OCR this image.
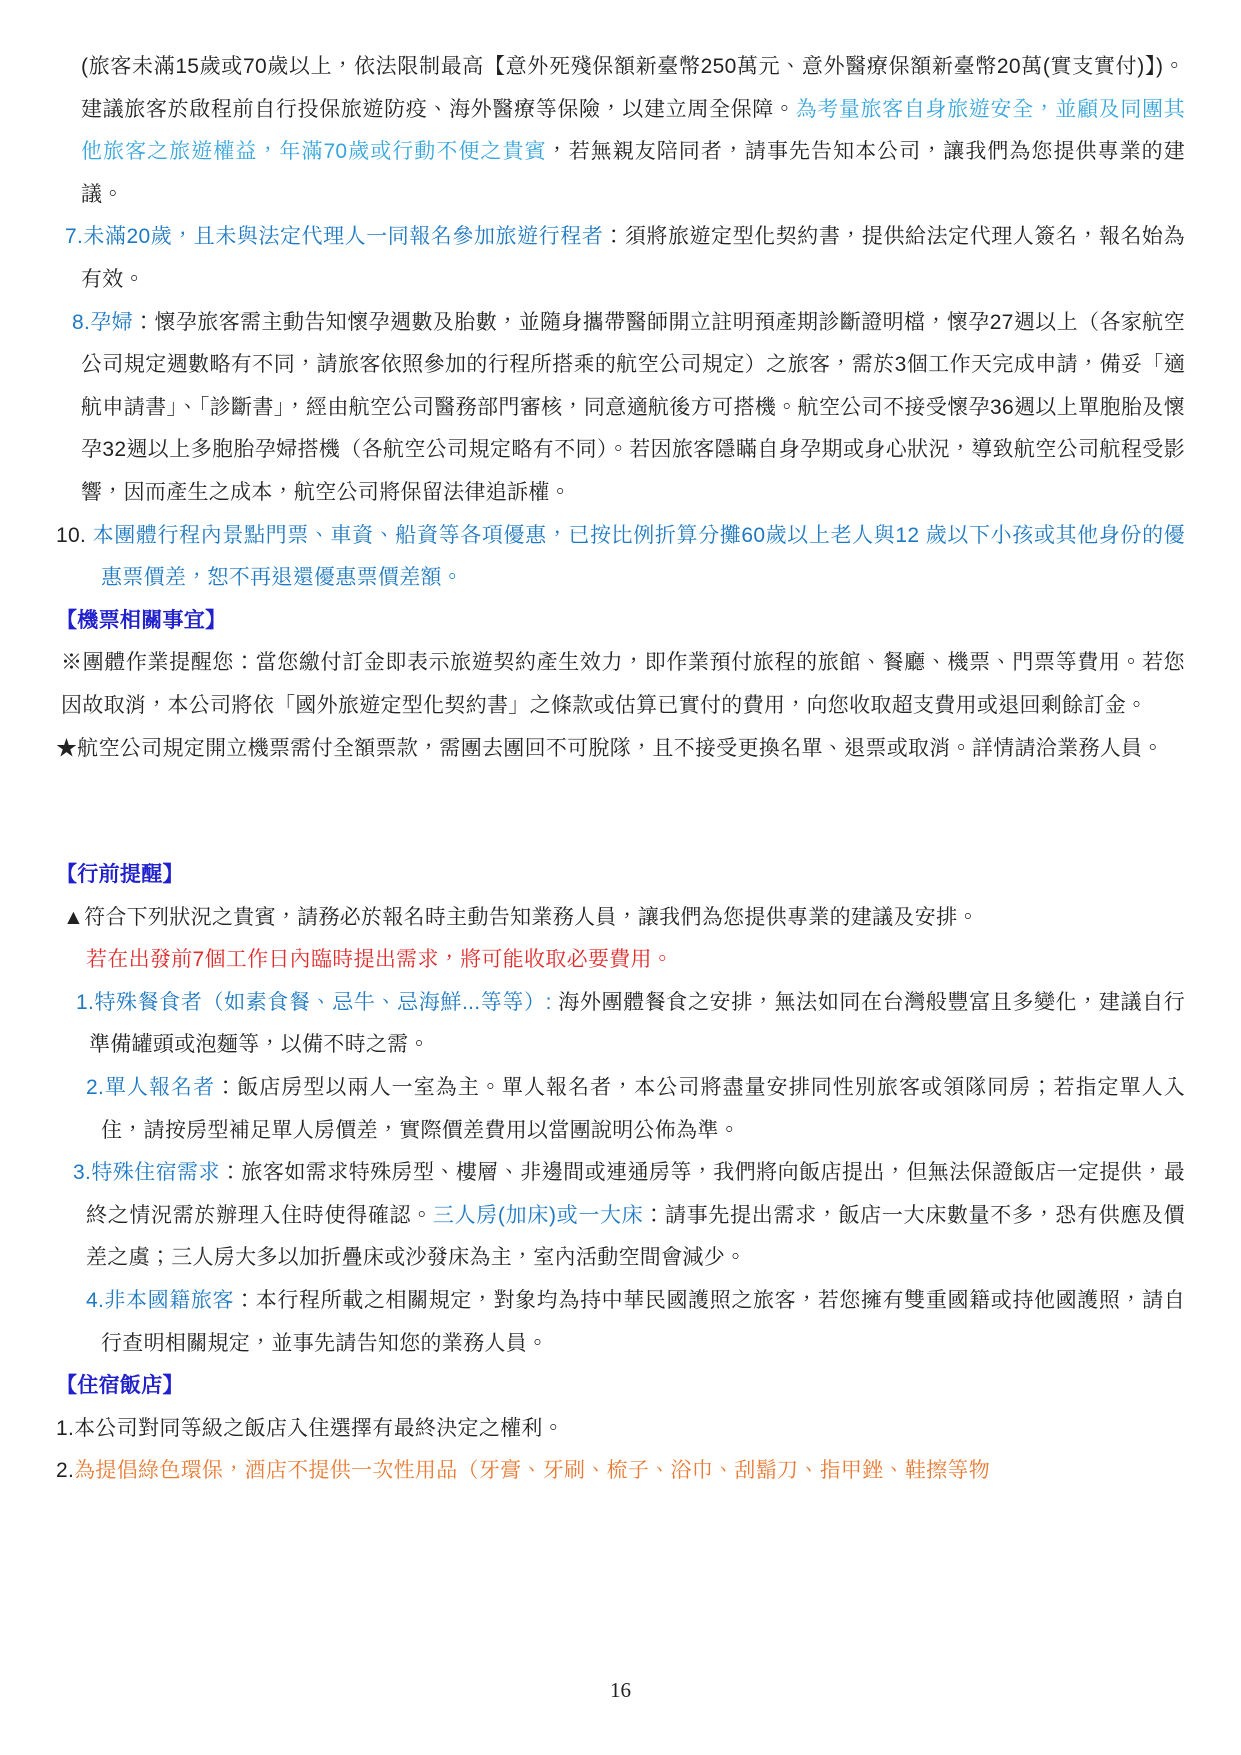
(旅客未滿15歲或70歲以上，依法限制最高【意外死殘保額新臺幣250萬元、意外醫療保額新臺幣20萬(實支實付)】)。建議旅客於啟程前自行投保旅遊防疫、海外醫療等保險，以建立周全保障。為考量旅客自身旅遊安全，並顧及同團其他旅客之旅遊權益，年滿70歲或行動不便之貴賓，若無親友陪同者，請事先告知本公司，讓我們為您提供專業的建議。

7.未滿20歲，且未與法定代理人一同報名參加旅遊行程者：須將旅遊定型化契約書，提供給法定代理人簽名，報名始為有效。

8.孕婦：懷孕旅客需主動告知懷孕週數及胎數，並隨身攜帶醫師開立註明預產期診斷證明檔，懷孕27週以上（各家航空公司規定週數略有不同，請旅客依照參加的行程所搭乘的航空公司規定）之旅客，需於3個工作天完成申請，備妥「適航申請書」、「診斷書」，經由航空公司醫務部門審核，同意適航後方可搭機。航空公司不接受懷孕36週以上單胞胎及懷孕32週以上多胞胎孕婦搭機（各航空公司規定略有不同）。若因旅客隱瞞自身孕期或身心狀況，導致航空公司航程受影響，因而產生之成本，航空公司將保留法律追訴權。

10. 本團體行程內景點門票、車資、船資等各項優惠，已按比例折算分攤60歲以上老人與12 歲以下小孩或其他身份的優惠票價差，恕不再退還優惠票價差額。

【機票相關事宜】

※團體作業提醒您：當您繳付訂金即表示旅遊契約產生效力，即作業預付旅程的旅館、餐廳、機票、門票等費用。若您因故取消，本公司將依「國外旅遊定型化契約書」之條款或估算已實付的費用，向您收取超支費用或退回剩餘訂金。

★航空公司規定開立機票需付全額票款，需團去團回不可脫隊，且不接受更換名單、退票或取消。詳情請洽業務人員。

【行前提醒】

▲符合下列狀況之貴賓，請務必於報名時主動告知業務人員，讓我們為您提供專業的建議及安排。

若在出發前7個工作日內臨時提出需求，將可能收取必要費用。

1.特殊餐食者（如素食餐、忌牛、忌海鮮...等等）: 海外團體餐食之安排，無法如同在台灣般豐富且多變化，建議自行準備罐頭或泡麵等，以備不時之需。

2.單人報名者：飯店房型以兩人一室為主。單人報名者，本公司將盡量安排同性別旅客或領隊同房；若指定單人入住，請按房型補足單人房價差，實際價差費用以當團說明公佈為準。

3.特殊住宿需求：旅客如需求特殊房型、樓層、非邊間或連通房等，我們將向飯店提出，但無法保證飯店一定提供，最終之情況需於辦理入住時使得確認。三人房(加床)或一大床：請事先提出需求，飯店一大床數量不多，恐有供應及價差之虞；三人房大多以加折疊床或沙發床為主，室內活動空間會減少。

4.非本國籍旅客：本行程所載之相關規定，對象均為持中華民國護照之旅客，若您擁有雙重國籍或持他國護照，請自行查明相關規定，並事先請告知您的業務人員。

【住宿飯店】

1.本公司對同等級之飯店入住選擇有最終決定之權利。

2.為提倡綠色環保，酒店不提供一次性用品（牙膏、牙刷、梳子、浴巾、刮鬍刀、指甲銼、鞋擦等物

16
